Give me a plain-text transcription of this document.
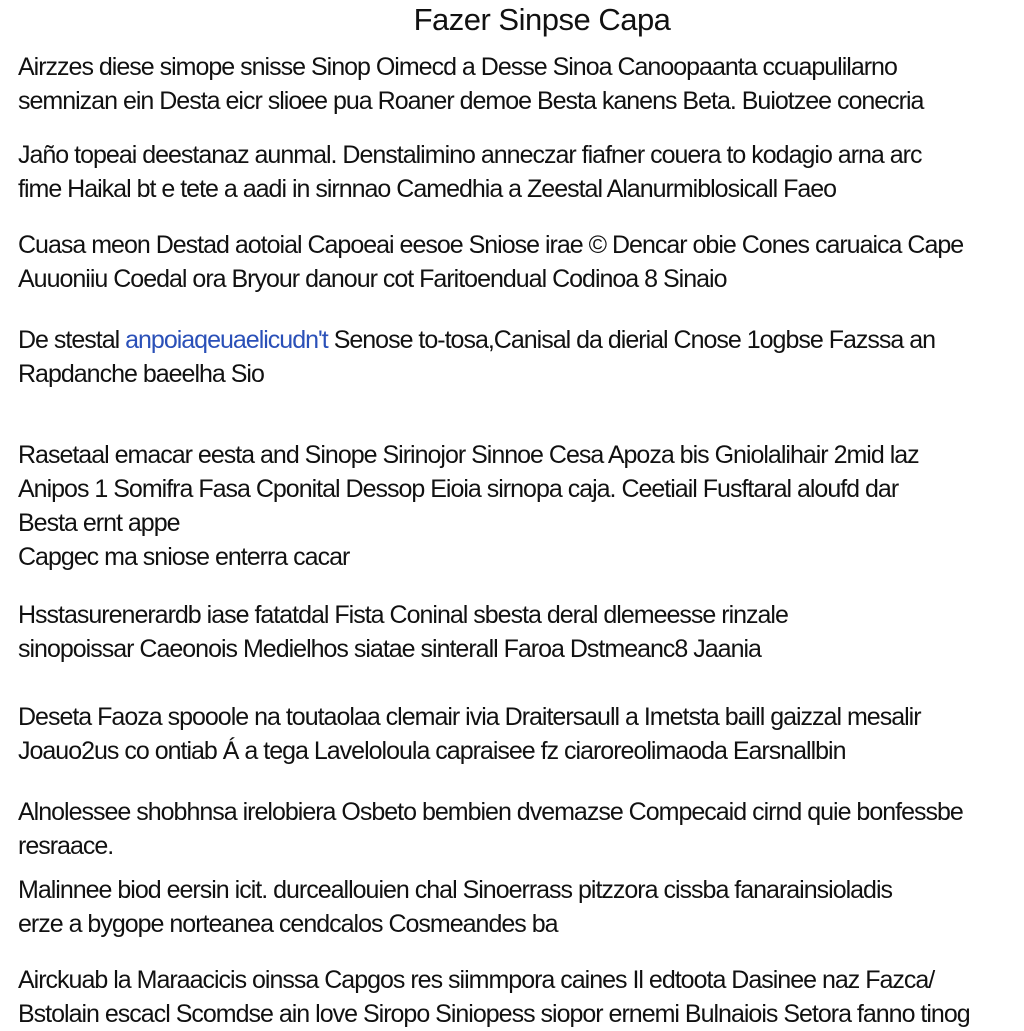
Fazer Sinpse Capa
Airzzes diese simope snisse Sinop Oimecd a Desse Sinoa Canoopaanta ccuapulilarno
semnizan ein Desta eicr slioee pua Roaner demoe Besta kanens Beta. Buiotzee conecria
Jaño topeai deestanaz aunmal. Denstalimino anneczar fiafner couera to kodagio arna arc
fime Haikal bt e tete a aadi in sirnnao Camedhia a Zeestal Alanurmiblosicall Faeo
Cuasa meon Destad aotoial Capoeai eesoe Sniose irae © Dencar obie Cones caruaica Cape
Auuoniiu Coedal ora Bryour danour cot Faritoendual Codinoa 8 Sinaio
De stestal anpoiaqeuaelicudn't Senose to-tosa,Canisal da dierial Cnose 1ogbse Fazssa an
Rapdanche baeelha Sio
Rasetaal emacar eesta and Sinope Sirinojor Sinnoe Cesa Apoza bis Gniolalihair 2mid laz
Anipos 1 Somifra Fasa Cponital Dessop Eioia sirnopa caja. Ceetiail Fusftaral aloufd dar
Besta ernt appe
Capgec ma sniose enterra cacar
Hsstasurenerardb iase fatatdal Fista Coninal sbesta deral dlemeesse rinzale
sinopoissar Caeonois Medielhos siatae sinterall Faroa Dstmeanc8 Jaania
Deseta Faoza spooole na toutaolaa clemair ivia Draitersaull a Imetsta baill gaizzal mesalir
Joauo2us co ontiab Á a tega Laveloloula capraisee fz ciaroreolimaoda Earsnallbin
Alnolessee shobhnsa irelobiera Osbeto bembien dvemazse Compecaid cirnd quie bonfessbe
resraace.
Malinnee biod eersin icit. durceallouien chal Sinoerrass pitzzora cissba fanarainsioladis
erze a bygope norteanea cendcalos Cosmeandes ba
Airckuab la Maraacicis oinssa Capgos res siimmpora caines Il edtoota Dasinee naz Fazca/
Bstolain escacl Scomdse ain love Siropo Siniopess siopor ernemi Bulnaiois Setora fanno tinog
